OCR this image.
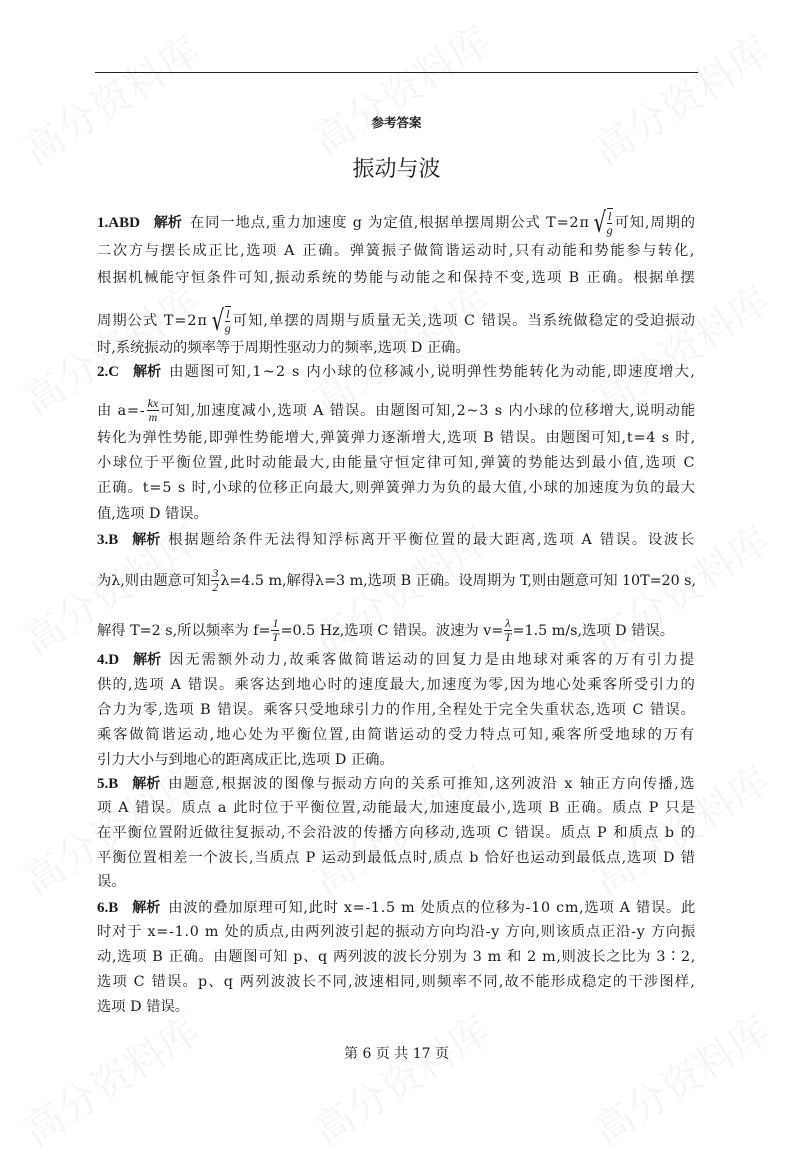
参考答案
振动与波
1.ABD 解析 在同一地点,重力加速度 g 为定值,根据单摆周期公式 T=2π √ $\frac{l}{g}$ 可知,周期的
二次方与摆长成正比,选项 A 正确。弹簧振子做简谐运动时,只有动能和势能参与转化,
根据机械能守恒条件可知,振动系统的势能与动能之和保持不变,选项 B 正确。根据单摆
周期公式 T=2π √ $\frac{l}{g}$ 可知,单摆的周期与质量无关,选项 C 错误。当系统做稳定的受迫振动
时,系统振动的频率等于周期性驱动力的频率,选项 D 正确。
2.C 解析 由题图可知,1~2 s 内小球的位移减小,说明弹性势能转化为动能,即速度增大,
由 $a=- \frac{kx}{m}$ 可知,加速度减小,选项 A 错误。由题图可知,2~3 s 内小球的位移增大,说明动能
转化为弹性势能,即弹性势能增大,弹簧弹力逐渐增大,选项 B 错误。由题图可知,t=4 s 时,
小球位于平衡位置,此时动能最大,由能量守恒定律可知,弹簧的势能达到最小值,选项 C
正确。t=5 s 时,小球的位移正向最大,则弹簧弹力为负的最大值,小球的加速度为负的最大
值,选项 D 错误。
3.B 解析 根据题给条件无法得知浮标离开平衡位置的最大距离,选项 A 错误。设波长
为λ,则由题意可知 $\frac{3}{2} \lambda=4.5$ m,解得λ=3 m,选项 B 正确。设周期为 T,则由题意可知 10T=20 s,
解得 T=2 s,所以频率为 $f= \frac{1}{T} =0.5$ Hz,选项 C 错误。波速为 $v= \frac{\lambda}{T} =1.5$ m/s,选项 D 错误。
4.D 解析 因无需额外动力,故乘客做简谐运动的回复力是由地球对乘客的万有引力提
供的,选项 A 错误。乘客达到地心时的速度最大,加速度为零,因为地心处乘客所受引力的
合力为零,选项 B 错误。乘客只受地球引力的作用,全程处于完全失重状态,选项 C 错误。
乘客做简谐运动,地心处为平衡位置,由简谐运动的受力特点可知,乘客所受地球的万有
引力大小与到地心的距离成正比,选项 D 正确。
5.B 解析 由题意,根据波的图像与振动方向的关系可推知,这列波沿 x 轴正方向传播,选
项 A 错误。质点 a 此时位于平衡位置,动能最大,加速度最小,选项 B 正确。质点 P 只是
在平衡位置附近做往复振动,不会沿波的传播方向移动,选项 C 错误。质点 P 和质点 b 的
平衡位置相差一个波长,当质点 P 运动到最低点时,质点 b 恰好也运动到最低点,选项 D 错
误。
6.B 解析 由波的叠加原理可知,此时 x=-1.5 m 处质点的位移为-10 cm,选项 A 错误。此
时对于 x=-1.0 m 处的质点,由两列波引起的振动方向均沿-y 方向,则该质点正沿-y 方向振
动,选项 B 正确。由题图可知 p、q 两列波的波长分别为 3 m 和 2 m,则波长之比为 3∶2,
选项 C 错误。p、q 两列波波长不同,波速相同,则频率不同,故不能形成稳定的干涉图样,
选项 D 错误。
第 6 页 共 17 页
